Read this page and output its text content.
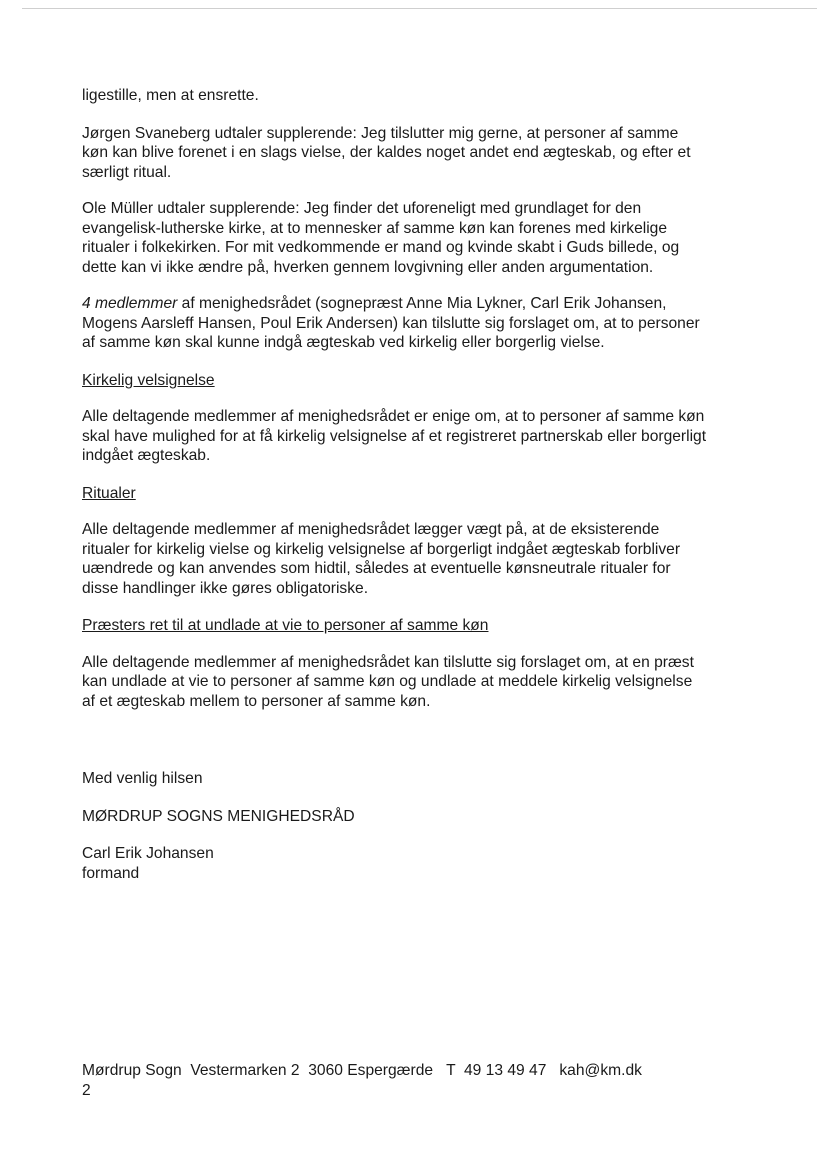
ligestille, men at ensrette.

Jørgen Svaneberg udtaler supplerende: Jeg tilslutter mig gerne, at personer af samme
køn kan blive forenet i en slags vielse, der kaldes noget andet end ægteskab, og efter et
særligt ritual.

Ole Müller udtaler supplerende: Jeg finder det uforeneligt med grundlaget for den
evangelisk-lutherske kirke, at to mennesker af samme køn kan forenes med kirkelige
ritualer i folkekirken. For mit vedkommende er mand og kvinde skabt i Guds billede, og
dette kan vi ikke ændre på, hverken gennem lovgivning eller anden argumentation.

4 medlemmer af menighedsrådet (sognepræst Anne Mia Lykner, Carl Erik Johansen,
Mogens Aarsleff Hansen, Poul Erik Andersen) kan tilslutte sig forslaget om, at to personer
af samme køn skal kunne indgå ægteskab ved kirkelig eller borgerlig vielse.

Kirkelig velsignelse

Alle deltagende medlemmer af menighedsrådet er enige om, at to personer af samme køn
skal have mulighed for at få kirkelig velsignelse af et registreret partnerskab eller borgerligt
indgået ægteskab.

Ritualer

Alle deltagende medlemmer af menighedsrådet lægger vægt på, at de eksisterende
ritualer for kirkelig vielse og kirkelig velsignelse af borgerligt indgået ægteskab forbliver
uændrede og kan anvendes som hidtil, således at eventuelle kønsneutrale ritualer for
disse handlinger ikke gøres obligatoriske.

Præsters ret til at undlade at vie to personer af samme køn

Alle deltagende medlemmer af menighedsrådet kan tilslutte sig forslaget om, at en præst
kan undlade at vie to personer af samme køn og undlade at meddele kirkelig velsignelse
af et ægteskab mellem to personer af samme køn.

Med venlig hilsen

MØRDRUP SOGNS MENIGHEDSRÅD

Carl Erik Johansen

formand

Mørdrup Sogn Vestermarken 2 3060 Espergærde T  49 13 49 47 kah@km.dk
2
